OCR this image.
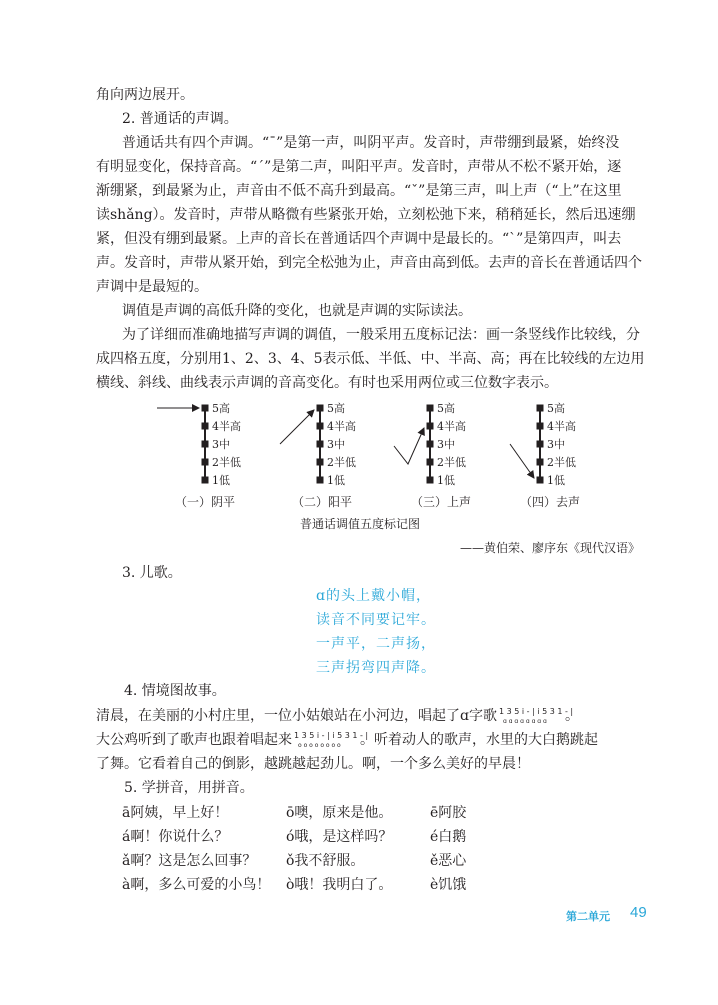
角向两边展开。
2. 普通话的声调。
普通话共有四个声调。“ˉ”是第一声，叫阴平声。发音时，声带绷到最紧，始终没
有明显变化，保持音高。“ˊ”是第二声，叫阳平声。发音时，声带从不松不紧开始，逐
渐绷紧，到最紧为止，声音由不低不高升到最高。“ˇ”是第三声，叫上声（“上”在这里
读shǎng）。发音时，声带从略微有些紧张开始，立刻松弛下来，稍稍延长，然后迅速绷
紧，但没有绷到最紧。上声的音长在普通话四个声调中是最长的。“ˋ”是第四声，叫去
声。发音时，声带从紧开始，到完全松弛为止，声音由高到低。去声的音长在普通话四个
声调中是最短的。
调值是声调的高低升降的变化，也就是声调的实际读法。
为了详细而准确地描写声调的调值，一般采用五度标记法：画一条竖线作比较线，分
成四格五度，分别用1、2、3、4、5表示低、半低、中、半高、高；再在比较线的左边用
横线、斜线、曲线表示声调的音高变化。有时也采用两位或三位数字表示。
5高
4半高
3中
2半低
1低
5高
4半高
3中
2半低
1低
5高
4半高
3中
2半低
1低
5高
4半高
3中
2半低
1低
（一）阴平	（二）阳平	（三）上声	（四）去声
普通话调值五度标记图
——黄伯荣、廖序东《现代汉语》
3. 儿歌。
ɑ的头上戴小帽，
读音不同要记牢。
一声平，二声扬，
三声拐弯四声降。
4. 情境图故事。
清晨，在美丽的小村庄里，一位小姑娘站在小河边，唱起了ɑ字歌 1 3 5 i - | i 5 3 1 - |
ɑ ɑ ɑ ɑ ɑ ɑ ɑ ɑ 。
大公鸡听到了歌声也跟着唱起来 1 3 5 i - | i 5 3 1 - |
o o o o o o o o 。听着动人的歌声，水里的大白鹅跳起
了舞。它看着自己的倒影，越跳越起劲儿。啊，一个多么美好的早晨！
5. 学拼音，用拼音。
ā阿姨，早上好！	ō噢，原来是他。	ē阿胶
á啊！你说什么？	ó哦，是这样吗？	é白鹅
ǎ啊？这是怎么回事？ ǒ我不舒服。	ě恶心
à啊，多么可爱的小鸟！ ò哦！我明白了。	è饥饿
第二单元 49
